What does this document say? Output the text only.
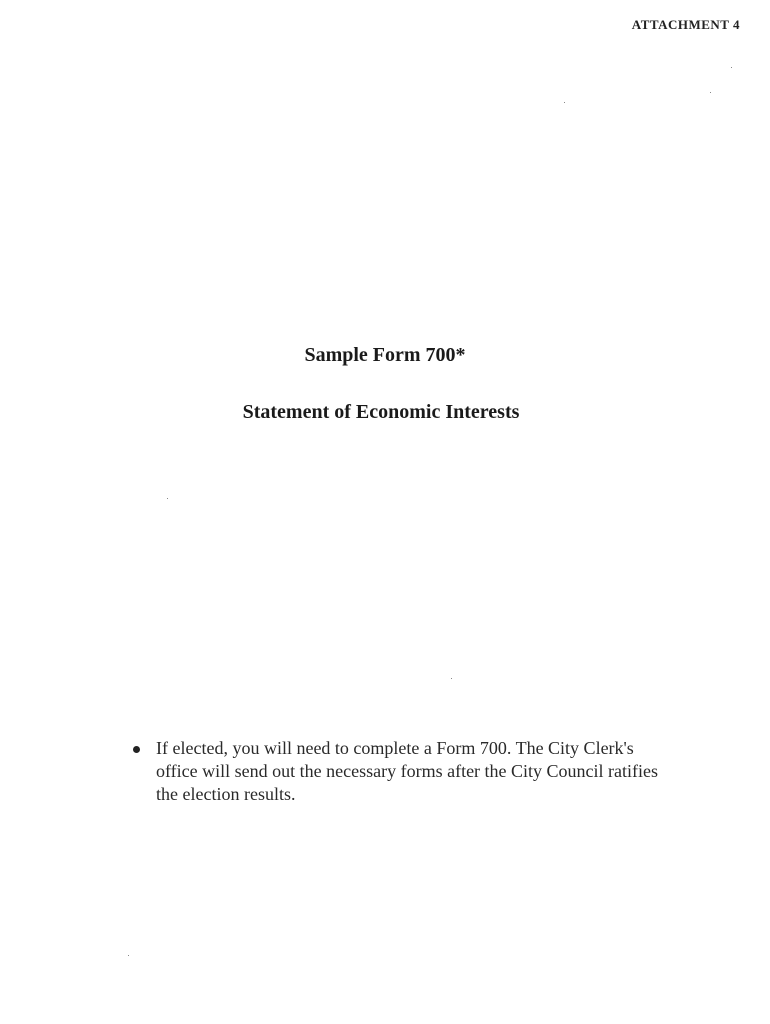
ATTACHMENT 4
Sample Form 700*
Statement of Economic Interests
If elected, you will need to complete a Form 700. The City Clerk's office will send out the necessary forms after the City Council ratifies the election results.
